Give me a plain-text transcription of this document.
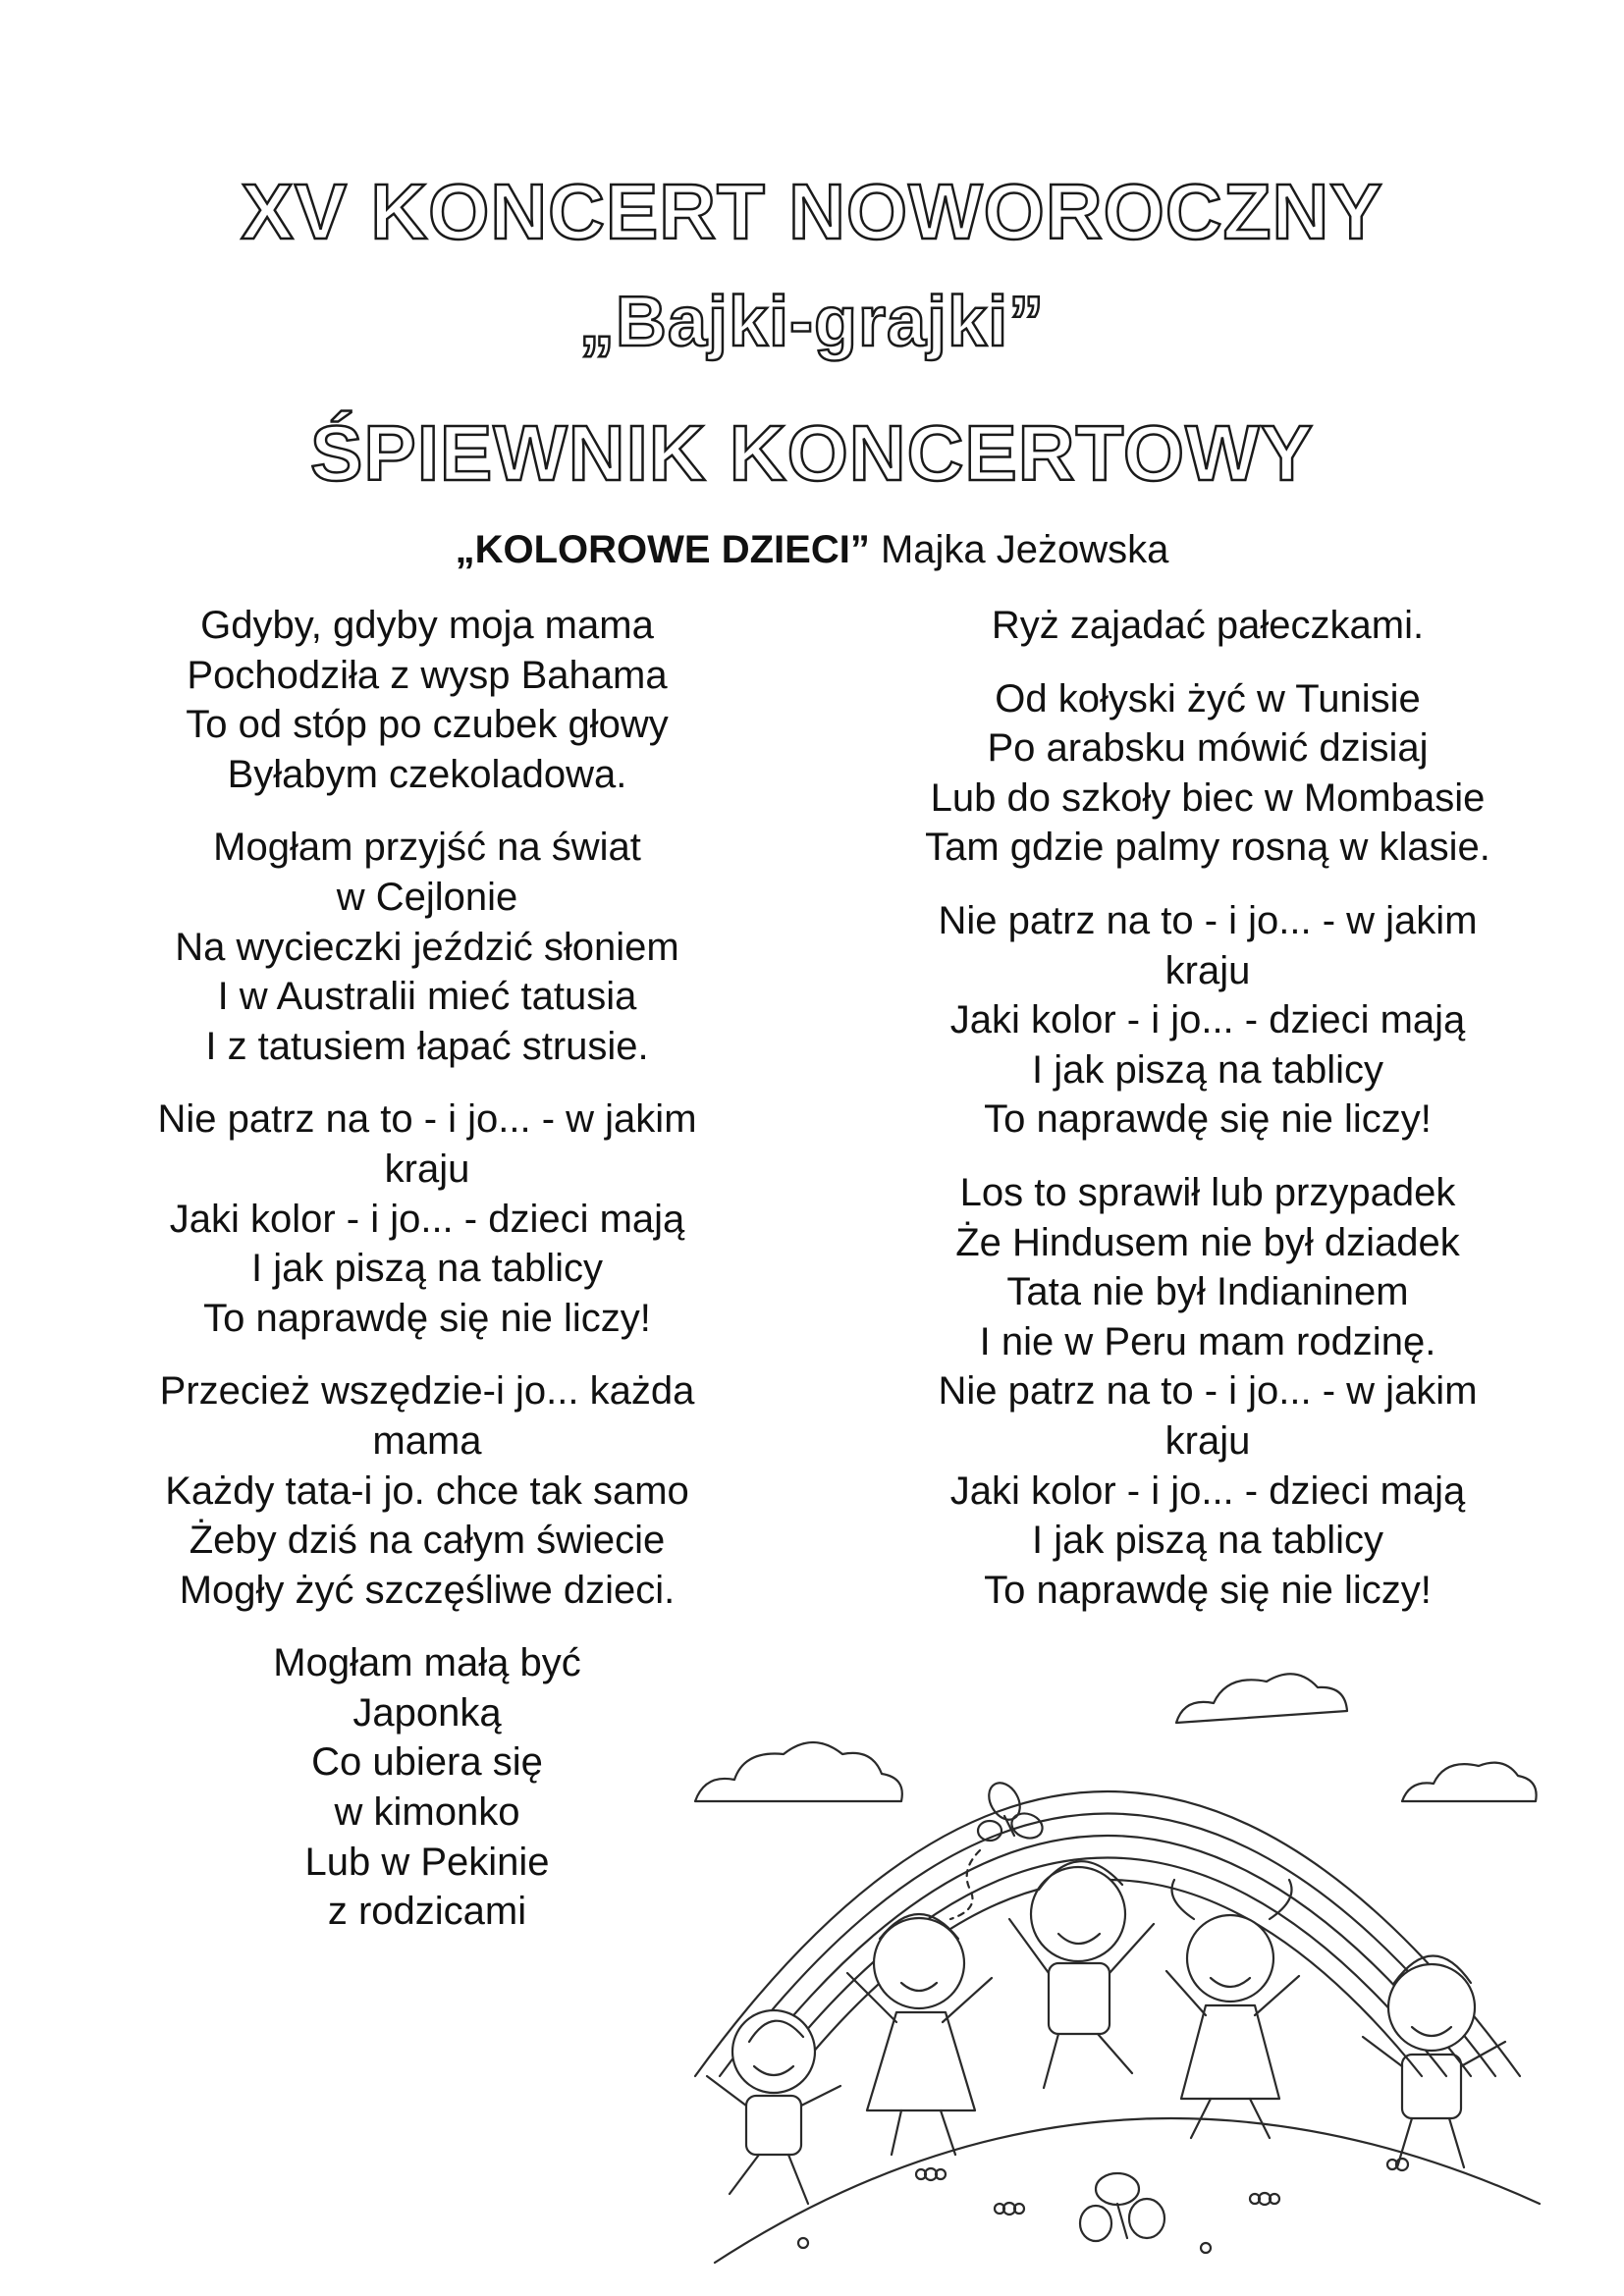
XV KONCERT NOWOROCZNY
„Bajki-grajki”
ŚPIEWNIK KONCERTOWY
„KOLOROWE DZIECI” Majka Jeżowska
Gdyby, gdyby moja mama
Pochodziła z wysp Bahama
To od stóp po czubek głowy
Byłabym czekoladowa.
Mogłam przyjść na świat
w Cejlonie
Na wycieczki jeździć słoniem
I w Australii mieć tatusia
I z tatusiem łapać strusie.
Nie patrz na to - i jo... - w jakim
kraju
Jaki kolor - i jo... - dzieci mają
I jak piszą na tablicy
To naprawdę się nie liczy!
Przecież wszędzie-i jo... każda
mama
Każdy tata-i jo. chce tak samo
Żeby dziś na całym świecie
Mogły żyć szczęśliwe dzieci.
Mogłam małą być
Japonką
Co ubiera się
w kimonko
Lub w Pekinie
z rodzicami
Ryż zajadać pałeczkami.
Od kołyski żyć w Tunisie
Po arabsku mówić dzisiaj
Lub do szkoły biec w Mombasie
Tam gdzie palmy rosną w klasie.
Nie patrz na to - i jo... - w jakim
kraju
Jaki kolor - i jo... - dzieci mają
I jak piszą na tablicy
To naprawdę się nie liczy!
Los to sprawił lub przypadek
Że Hindusem nie był dziadek
Tata nie był Indianinem
I nie w Peru mam rodzinę.
Nie patrz na to - i jo... - w jakim
kraju
Jaki kolor - i jo... - dzieci mają
I jak piszą na tablicy
To naprawdę się nie liczy!
